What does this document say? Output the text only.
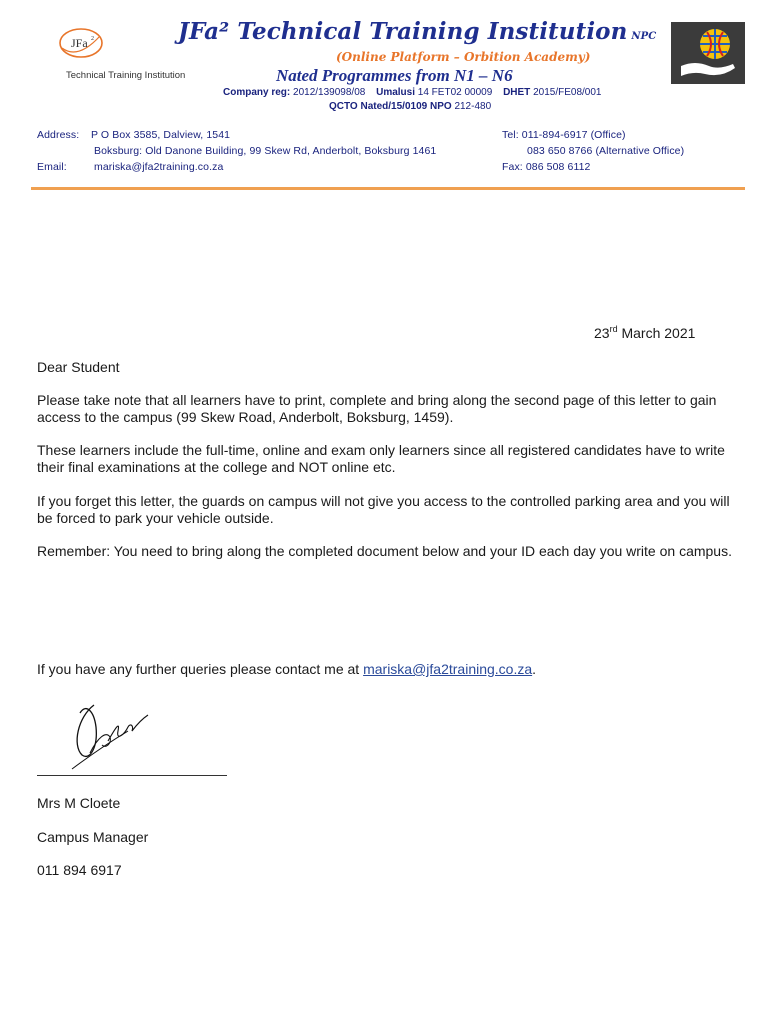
JFa 2
Technical Training Institution
JFa² Technical Training Institution NPC
(Online Platform – Orbition Academy)
Nated Programmes from N1 – N6
Company reg: 2012/139098/08 Umalusi 14 FET02 00009 DHET 2015/FE08/001
QCTO Nated/15/0109 NPO 212-480
Address: P O Box 3585, Dalview, 1541
Boksburg: Old Danone Building, 99 Skew Rd, Anderbolt, Boksburg 1461
Email:	mariska@jfa2training.co.za
Tel: 011-894-6917 (Office)
083 650 8766 (Alternative Office)
Fax: 086 508 6112
23rd March 2021
Dear Student
Please take note that all learners have to print, complete and bring along the second page of this letter to gain access to the campus (99 Skew Road, Anderbolt, Boksburg, 1459).
These learners include the full-time, online and exam only learners since all registered candidates have to write their final examinations at the college and NOT online etc.
If you forget this letter, the guards on campus will not give you access to the controlled parking area and you will be forced to park your vehicle outside.
Remember: You need to bring along the completed document below and your ID each day you write on campus.
If you have any further queries please contact me at mariska@jfa2training.co.za.
Mrs M Cloete
Campus Manager
011 894 6917
